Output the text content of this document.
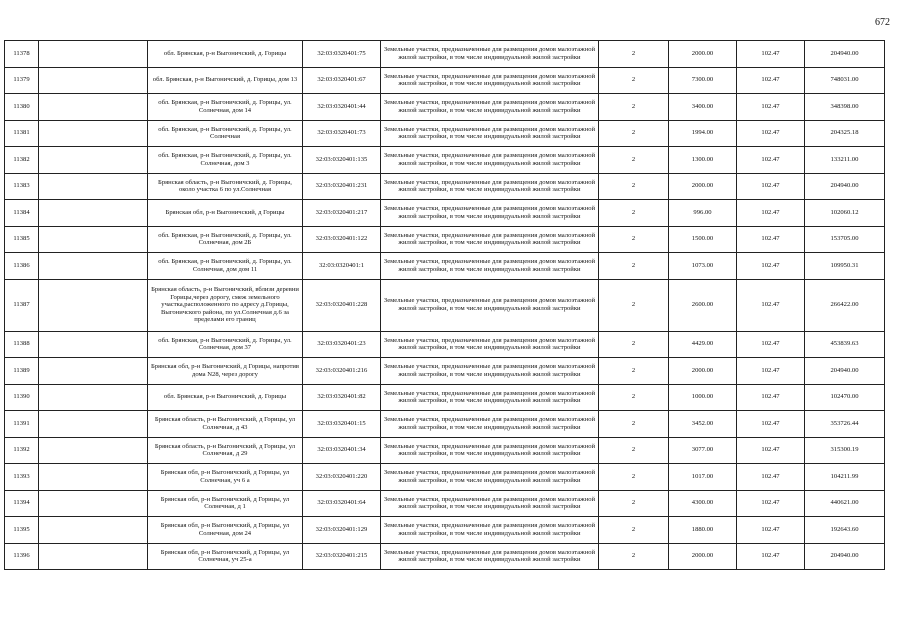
672
11378		обл. Брянская, р-н Выгоничский, д. Горицы	32:03:0320401:75	Земельные участки, предназначенные для размещения домов малоэтажной жилой застройки, в том числе индивидуальной жилой застройки	2	2000.00	102.47	204940.00
11379		обл. Брянская, р-н Выгоничский, д. Горицы, дом 13	32:03:0320401:67	Земельные участки, предназначенные для размещения домов малоэтажной жилой застройки, в том числе индивидуальной жилой застройки	2	7300.00	102.47	748031.00
11380		обл. Брянская, р-н Выгоничский, д. Горицы, ул. Солнечная, дом 14	32:03:0320401:44	Земельные участки, предназначенные для размещения домов малоэтажной жилой застройки, в том числе индивидуальной жилой застройки	2	3400.00	102.47	348398.00
11381		обл. Брянская, р-н Выгоничский, д. Горицы, ул. Солнечная	32:03:0320401:73	Земельные участки, предназначенные для размещения домов малоэтажной жилой застройки, в том числе индивидуальной жилой застройки	2	1994.00	102.47	204325.18
11382		обл. Брянская, р-н Выгоничский, д. Горицы, ул. Солнечная, дом 3	32:03:0320401:135	Земельные участки, предназначенные для размещения домов малоэтажной жилой застройки, в том числе индивидуальной жилой застройки	2	1300.00	102.47	133211.00
11383		Брянская область, р-н Выгоничский, д. Горицы, около участка 6 по ул.Солнечная	32:03:0320401:231	Земельные участки, предназначенные для размещения домов малоэтажной жилой застройки, в том числе индивидуальной жилой застройки	2	2000.00	102.47	204940.00
11384		Брянская обл, р-н Выгоничский, д Горицы	32:03:0320401:217	Земельные участки, предназначенные для размещения домов малоэтажной жилой застройки, в том числе индивидуальной жилой застройки	2	996.00	102.47	102060.12
11385		обл. Брянская, р-н Выгоничский, д. Горицы, ул. Солнечная, дом 2Б	32:03:0320401:122	Земельные участки, предназначенные для размещения домов малоэтажной жилой застройки, в том числе индивидуальной жилой застройки	2	1500.00	102.47	153705.00
11386		обл. Брянская, р-н Выгоничский, д. Горицы, ул. Солнечная, дом дом 11	32:03:0320401:1	Земельные участки, предназначенные для размещения домов малоэтажной жилой застройки, в том числе индивидуальной жилой застройки	2	1073.00	102.47	109950.31
11387		Брянская область, р-н Выгоничский, вблизи деревни Горицы,через дорогу, смеж земельного участка,расположенного по адресу д.Горицы, Выгоничского района, по ул.Солнечная д.6 за пределами его границ	32:03:0320401:228	Земельные участки, предназначенные для размещения домов малоэтажной жилой застройки, в том числе индивидуальной жилой застройки	2	2600.00	102.47	266422.00
11388		обл. Брянская, р-н Выгоничский, д. Горицы, ул. Солнечная, дом 37	32:03:0320401:23	Земельные участки, предназначенные для размещения домов малоэтажной жилой застройки, в том числе индивидуальной жилой застройки	2	4429.00	102.47	453839.63
11389		Брянская обл, р-н Выгоничский, д Горицы, напротив дома N28, через дорогу	32:03:0320401:216	Земельные участки, предназначенные для размещения домов малоэтажной жилой застройки, в том числе индивидуальной жилой застройки	2	2000.00	102.47	204940.00
11390		обл. Брянская, р-н Выгоничский, д. Горицы	32:03:0320401:82	Земельные участки, предназначенные для размещения домов малоэтажной жилой застройки, в том числе индивидуальной жилой застройки	2	1000.00	102.47	102470.00
11391		Брянская область, р-н Выгоничский, д Горицы, ул Солнечная, д 43	32:03:0320401:15	Земельные участки, предназначенные для размещения домов малоэтажной жилой застройки, в том числе индивидуальной жилой застройки	2	3452.00	102.47	353726.44
11392		Брянская область, р-н Выгоничский, д Горицы, ул Солнечная, д 29	32:03:0320401:34	Земельные участки, предназначенные для размещения домов малоэтажной жилой застройки, в том числе индивидуальной жилой застройки	2	3077.00	102.47	315300.19
11393		Брянская обл, р-н Выгоничский, д Горицы, ул Солнечная, уч 6 а	32:03:0320401:220	Земельные участки, предназначенные для размещения домов малоэтажной жилой застройки, в том числе индивидуальной жилой застройки	2	1017.00	102.47	104211.99
11394		Брянская обл, р-н Выгоничский, д Горицы, ул Солнечная, д 1	32:03:0320401:64	Земельные участки, предназначенные для размещения домов малоэтажной жилой застройки, в том числе индивидуальной жилой застройки	2	4300.00	102.47	440621.00
11395		Брянская обл, р-н Выгоничский, д Горицы, ул Солнечная, дом 24	32:03:0320401:129	Земельные участки, предназначенные для размещения домов малоэтажной жилой застройки, в том числе индивидуальной жилой застройки	2	1880.00	102.47	192643.60
11396		Брянская обл, р-н Выгоничский, д Горицы, ул Солнечная, уч 25-а	32:03:0320401:215	Земельные участки, предназначенные для размещения домов малоэтажной жилой застройки, в том числе индивидуальной жилой застройки	2	2000.00	102.47	204940.00
